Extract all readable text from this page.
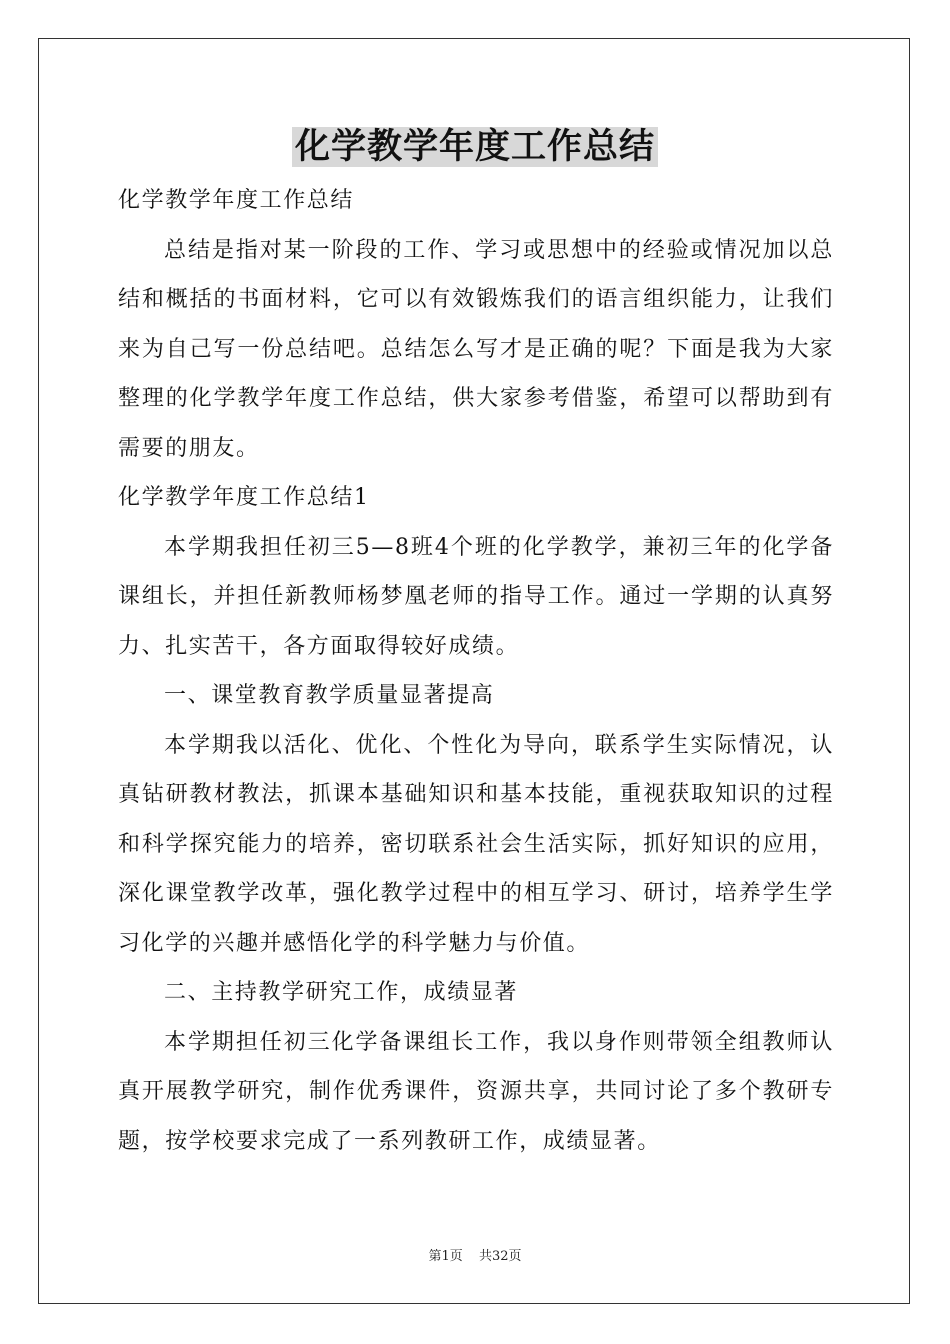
化学教学年度工作总结

化学教学年度工作总结

总结是指对某一阶段的工作、学习或思想中的经验或情况加以总结和概括的书面材料，它可以有效锻炼我们的语言组织能力，让我们来为自己写一份总结吧。总结怎么写才是正确的呢？下面是我为大家整理的化学教学年度工作总结，供大家参考借鉴，希望可以帮助到有需要的朋友。

化学教学年度工作总结1

本学期我担任初三5—8班4个班的化学教学，兼初三年的化学备课组长，并担任新教师杨梦凰老师的指导工作。通过一学期的认真努力、扎实苦干，各方面取得较好成绩。

一、课堂教育教学质量显著提高

本学期我以活化、优化、个性化为导向，联系学生实际情况，认真钻研教材教法，抓课本基础知识和基本技能，重视获取知识的过程和科学探究能力的培养，密切联系社会生活实际，抓好知识的应用，深化课堂教学改革，强化教学过程中的相互学习、研讨，培养学生学习化学的兴趣并感悟化学的科学魅力与价值。

二、主持教学研究工作，成绩显著

本学期担任初三化学备课组长工作，我以身作则带领全组教师认真开展教学研究，制作优秀课件，资源共享，共同讨论了多个教研专题，按学校要求完成了一系列教研工作，成绩显著。

第1页 共32页
